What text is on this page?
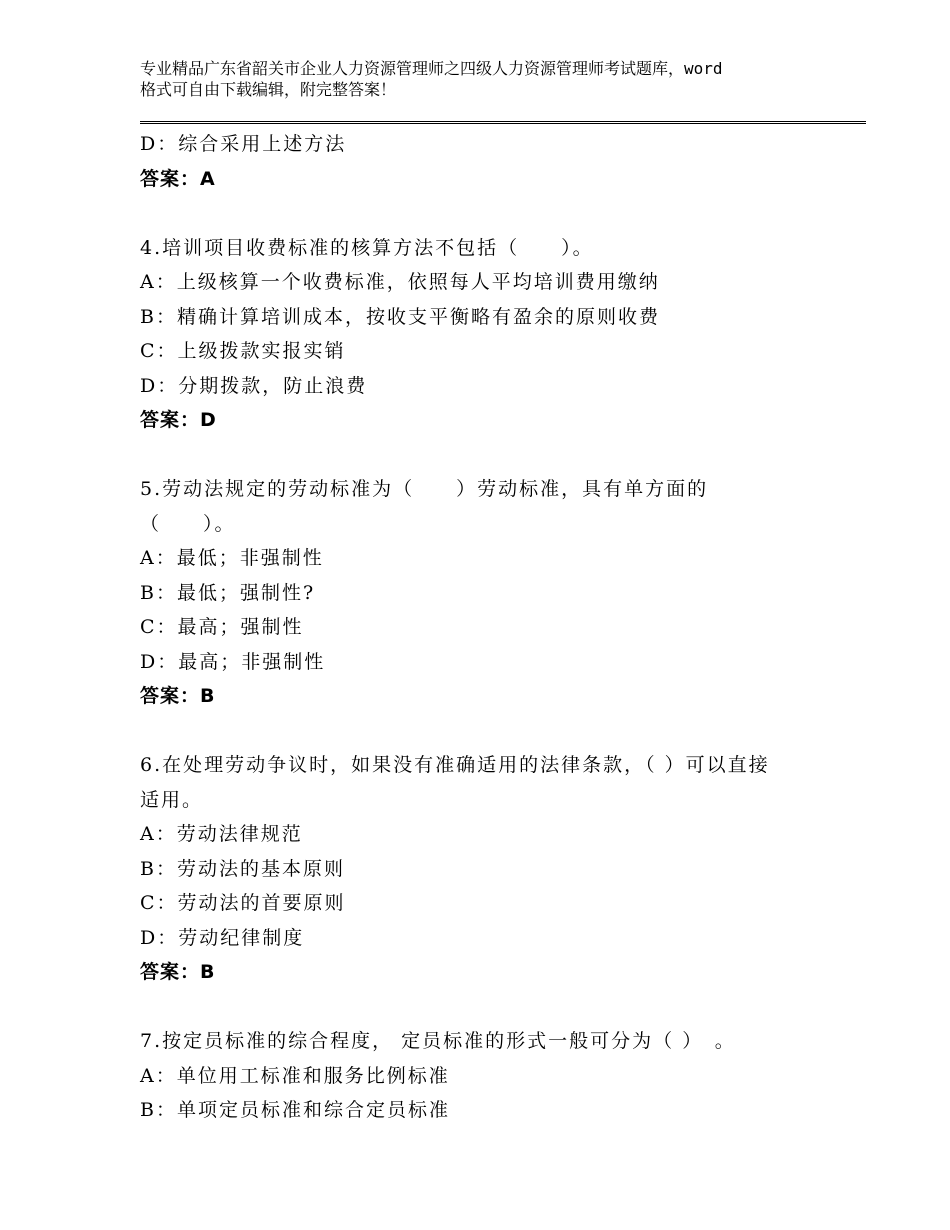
专业精品广东省韶关市企业人力资源管理师之四级人力资源管理师考试题库，word
格式可自由下载编辑，附完整答案！
D：综合采用上述方法
答案：A
4.培训项目收费标准的核算方法不包括（　　）。
A：上级核算一个收费标准，依照每人平均培训费用缴纳
B：精确计算培训成本，按收支平衡略有盈余的原则收费
C：上级拨款实报实销
D：分期拨款，防止浪费
答案：D
5.劳动法规定的劳动标准为（　　）劳动标准，具有单方面的
（　　）。
A：最低；非强制性
B：最低；强制性?
C：最高；强制性
D：最高；非强制性
答案：B
6.在处理劳动争议时，如果没有准确适用的法律条款，（ ）可以直接
适用。
A：劳动法律规范
B：劳动法的基本原则
C：劳动法的首要原则
D：劳动纪律制度
答案：B
7.按定员标准的综合程度， 定员标准的形式一般可分为（ ）　。
A：单位用工标准和服务比例标准
B：单项定员标准和综合定员标准
